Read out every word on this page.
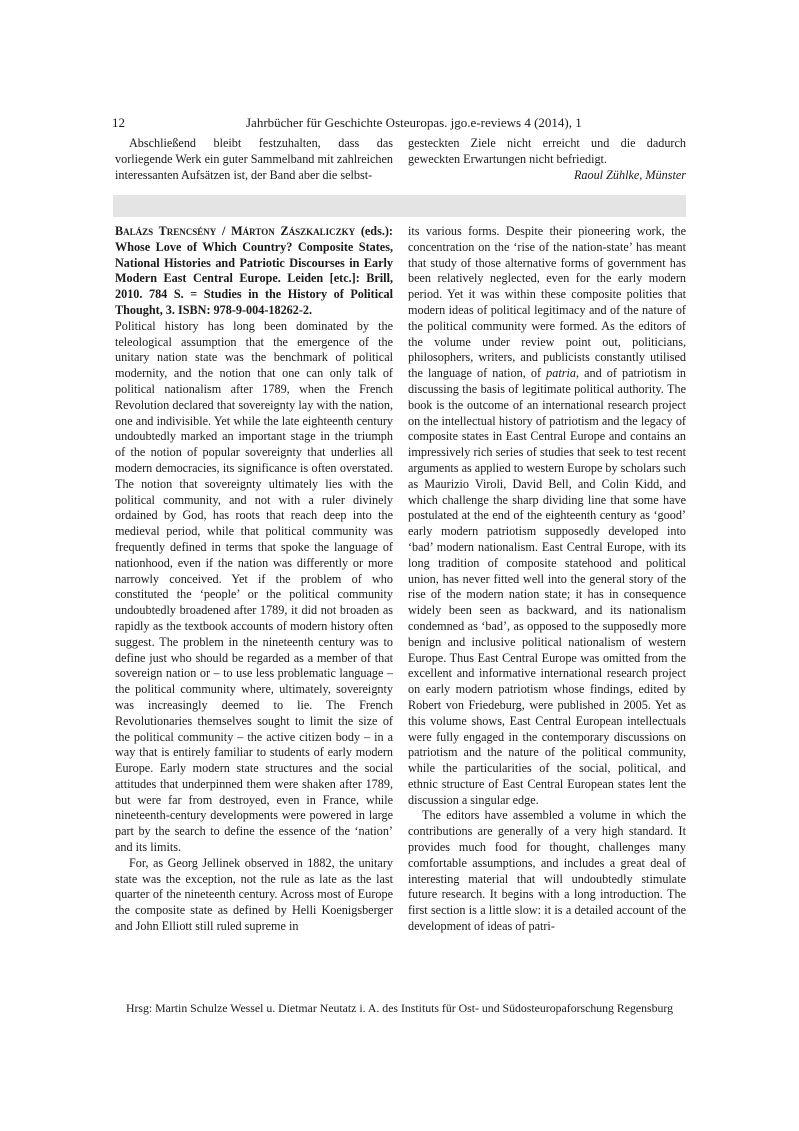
12	Jahrbücher für Geschichte Osteuropas. jgo.e-reviews 4 (2014), 1

Abschließend bleibt festzuhalten, dass das vorliegende Werk ein guter Sammelband mit zahlreichen interessanten Aufsätzen ist, der Band aber die selbst-

gesteckten Ziele nicht erreicht und die dadurch geweckten Erwartungen nicht befriedigt.

Raoul Zühlke, Münster

Balázs Trencsény / Márton Zászkaliczky (eds.): Whose Love of Which Country? Composite States, National Histories and Patriotic Discourses in Early Modern East Central Europe. Leiden [etc.]: Brill, 2010. 784 S. = Studies in the History of Political Thought, 3. ISBN: 978-9-004-18262-2.

Political history has long been dominated by the teleological assumption that the emergence of the unitary nation state was the benchmark of political modernity, and the notion that one can only talk of political nationalism after 1789, when the French Revolution declared that sovereignty lay with the nation, one and indivisible. Yet while the late eighteenth century undoubtedly marked an important stage in the triumph of the notion of popular sovereignty that underlies all modern democracies, its significance is often overstated. The notion that sovereignty ultimately lies with the political community, and not with a ruler divinely ordained by God, has roots that reach deep into the medieval period, while that political community was frequently defined in terms that spoke the language of nationhood, even if the nation was differently or more narrowly conceived. Yet if the problem of who constituted the ‘people’ or the political community undoubtedly broadened after 1789, it did not broaden as rapidly as the textbook accounts of modern history often suggest. The problem in the nineteenth century was to define just who should be regarded as a member of that sovereign nation or – to use less problematic language – the political community where, ultimately, sovereignty was increasingly deemed to lie. The French Revolutionaries themselves sought to limit the size of the political community – the active citizen body – in a way that is entirely familiar to students of early modern Europe. Early modern state structures and the social attitudes that underpinned them were shaken after 1789, but were far from destroyed, even in France, while nineteenth-century developments were powered in large part by the search to define the essence of the ‘nation’ and its limits.

For, as Georg Jellinek observed in 1882, the unitary state was the exception, not the rule as late as the last quarter of the nineteenth century. Across most of Europe the composite state as defined by Helli Koenigsberger and John Elliott still ruled supreme in

its various forms. Despite their pioneering work, the concentration on the ‘rise of the nation-state’ has meant that study of those alternative forms of government has been relatively neglected, even for the early modern period. Yet it was within these composite polities that modern ideas of political legitimacy and of the nature of the political community were formed. As the editors of the volume under review point out, politicians, philosophers, writers, and publicists constantly utilised the language of nation, of patria, and of patriotism in discussing the basis of legitimate political authority. The book is the outcome of an international research project on the intellectual history of patriotism and the legacy of composite states in East Central Europe and contains an impressively rich series of studies that seek to test recent arguments as applied to western Europe by scholars such as Maurizio Viroli, David Bell, and Colin Kidd, and which challenge the sharp dividing line that some have postulated at the end of the eighteenth century as ‘good’ early modern patriotism supposedly developed into ‘bad’ modern nationalism. East Central Europe, with its long tradition of composite statehood and political union, has never fitted well into the general story of the rise of the modern nation state; it has in consequence widely been seen as backward, and its nationalism condemned as ‘bad’, as opposed to the supposedly more benign and inclusive political nationalism of western Europe. Thus East Central Europe was omitted from the excellent and informative international research project on early modern patriotism whose findings, edited by Robert von Friedeburg, were published in 2005. Yet as this volume shows, East Central European intellectuals were fully engaged in the contemporary discussions on patriotism and the nature of the political community, while the particularities of the social, political, and ethnic structure of East Central European states lent the discussion a singular edge.

The editors have assembled a volume in which the contributions are generally of a very high standard. It provides much food for thought, challenges many comfortable assumptions, and includes a great deal of interesting material that will undoubtedly stimulate future research. It begins with a long introduction. The first section is a little slow: it is a detailed account of the development of ideas of patri-

Hrsg: Martin Schulze Wessel u. Dietmar Neutatz i. A. des Instituts für Ost- und Südosteuropaforschung Regensburg
